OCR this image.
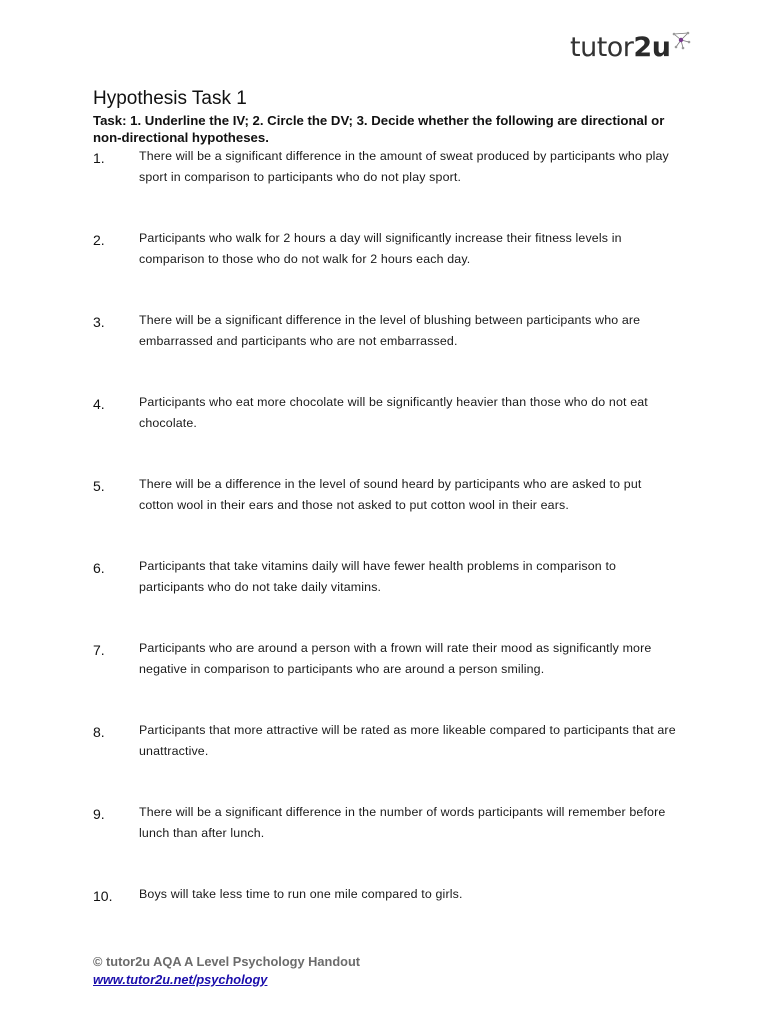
tutor2u
Hypothesis Task 1
Task: 1. Underline the IV; 2. Circle the DV; 3. Decide whether the following are directional or non-directional hypotheses.
1.	There will be a significant difference in the amount of sweat produced by participants who play sport in comparison to participants who do not play sport.
2.	Participants who walk for 2 hours a day will significantly increase their fitness levels in comparison to those who do not walk for 2 hours each day.
3.	There will be a significant difference in the level of blushing between participants who are embarrassed and participants who are not embarrassed.
4.	Participants who eat more chocolate will be significantly heavier than those who do not eat chocolate.
5.	There will be a difference in the level of sound heard by participants who are asked to put cotton wool in their ears and those not asked to put cotton wool in their ears.
6.	Participants that take vitamins daily will have fewer health problems in comparison to participants who do not take daily vitamins.
7.	Participants who are around a person with a frown will rate their mood as significantly more negative in comparison to participants who are around a person smiling.
8.	Participants that more attractive will be rated as more likeable compared to participants that are unattractive.
9.	There will be a significant difference in the number of words participants will remember before lunch than after lunch.
10.	Boys will take less time to run one mile compared to girls.
© tutor2u AQA A Level Psychology Handout
www.tutor2u.net/psychology
